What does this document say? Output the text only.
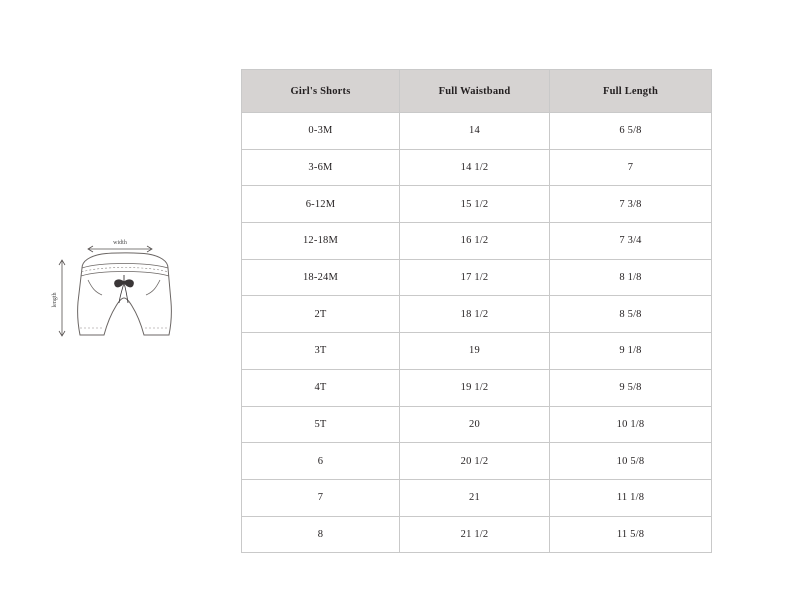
width
length
Girl's Shorts	Full Waistband	Full Length
0-3M	14	6 5/8
3-6M	14 1/2	7
6-12M	15 1/2	7 3/8
12-18M	16 1/2	7 3/4
18-24M	17 1/2	8 1/8
2T	18 1/2	8 5/8
3T	19	9 1/8
4T	19 1/2	9 5/8
5T	20	10 1/8
6	20 1/2	10 5/8
7	21	11 1/8
8	21 1/2	11 5/8
